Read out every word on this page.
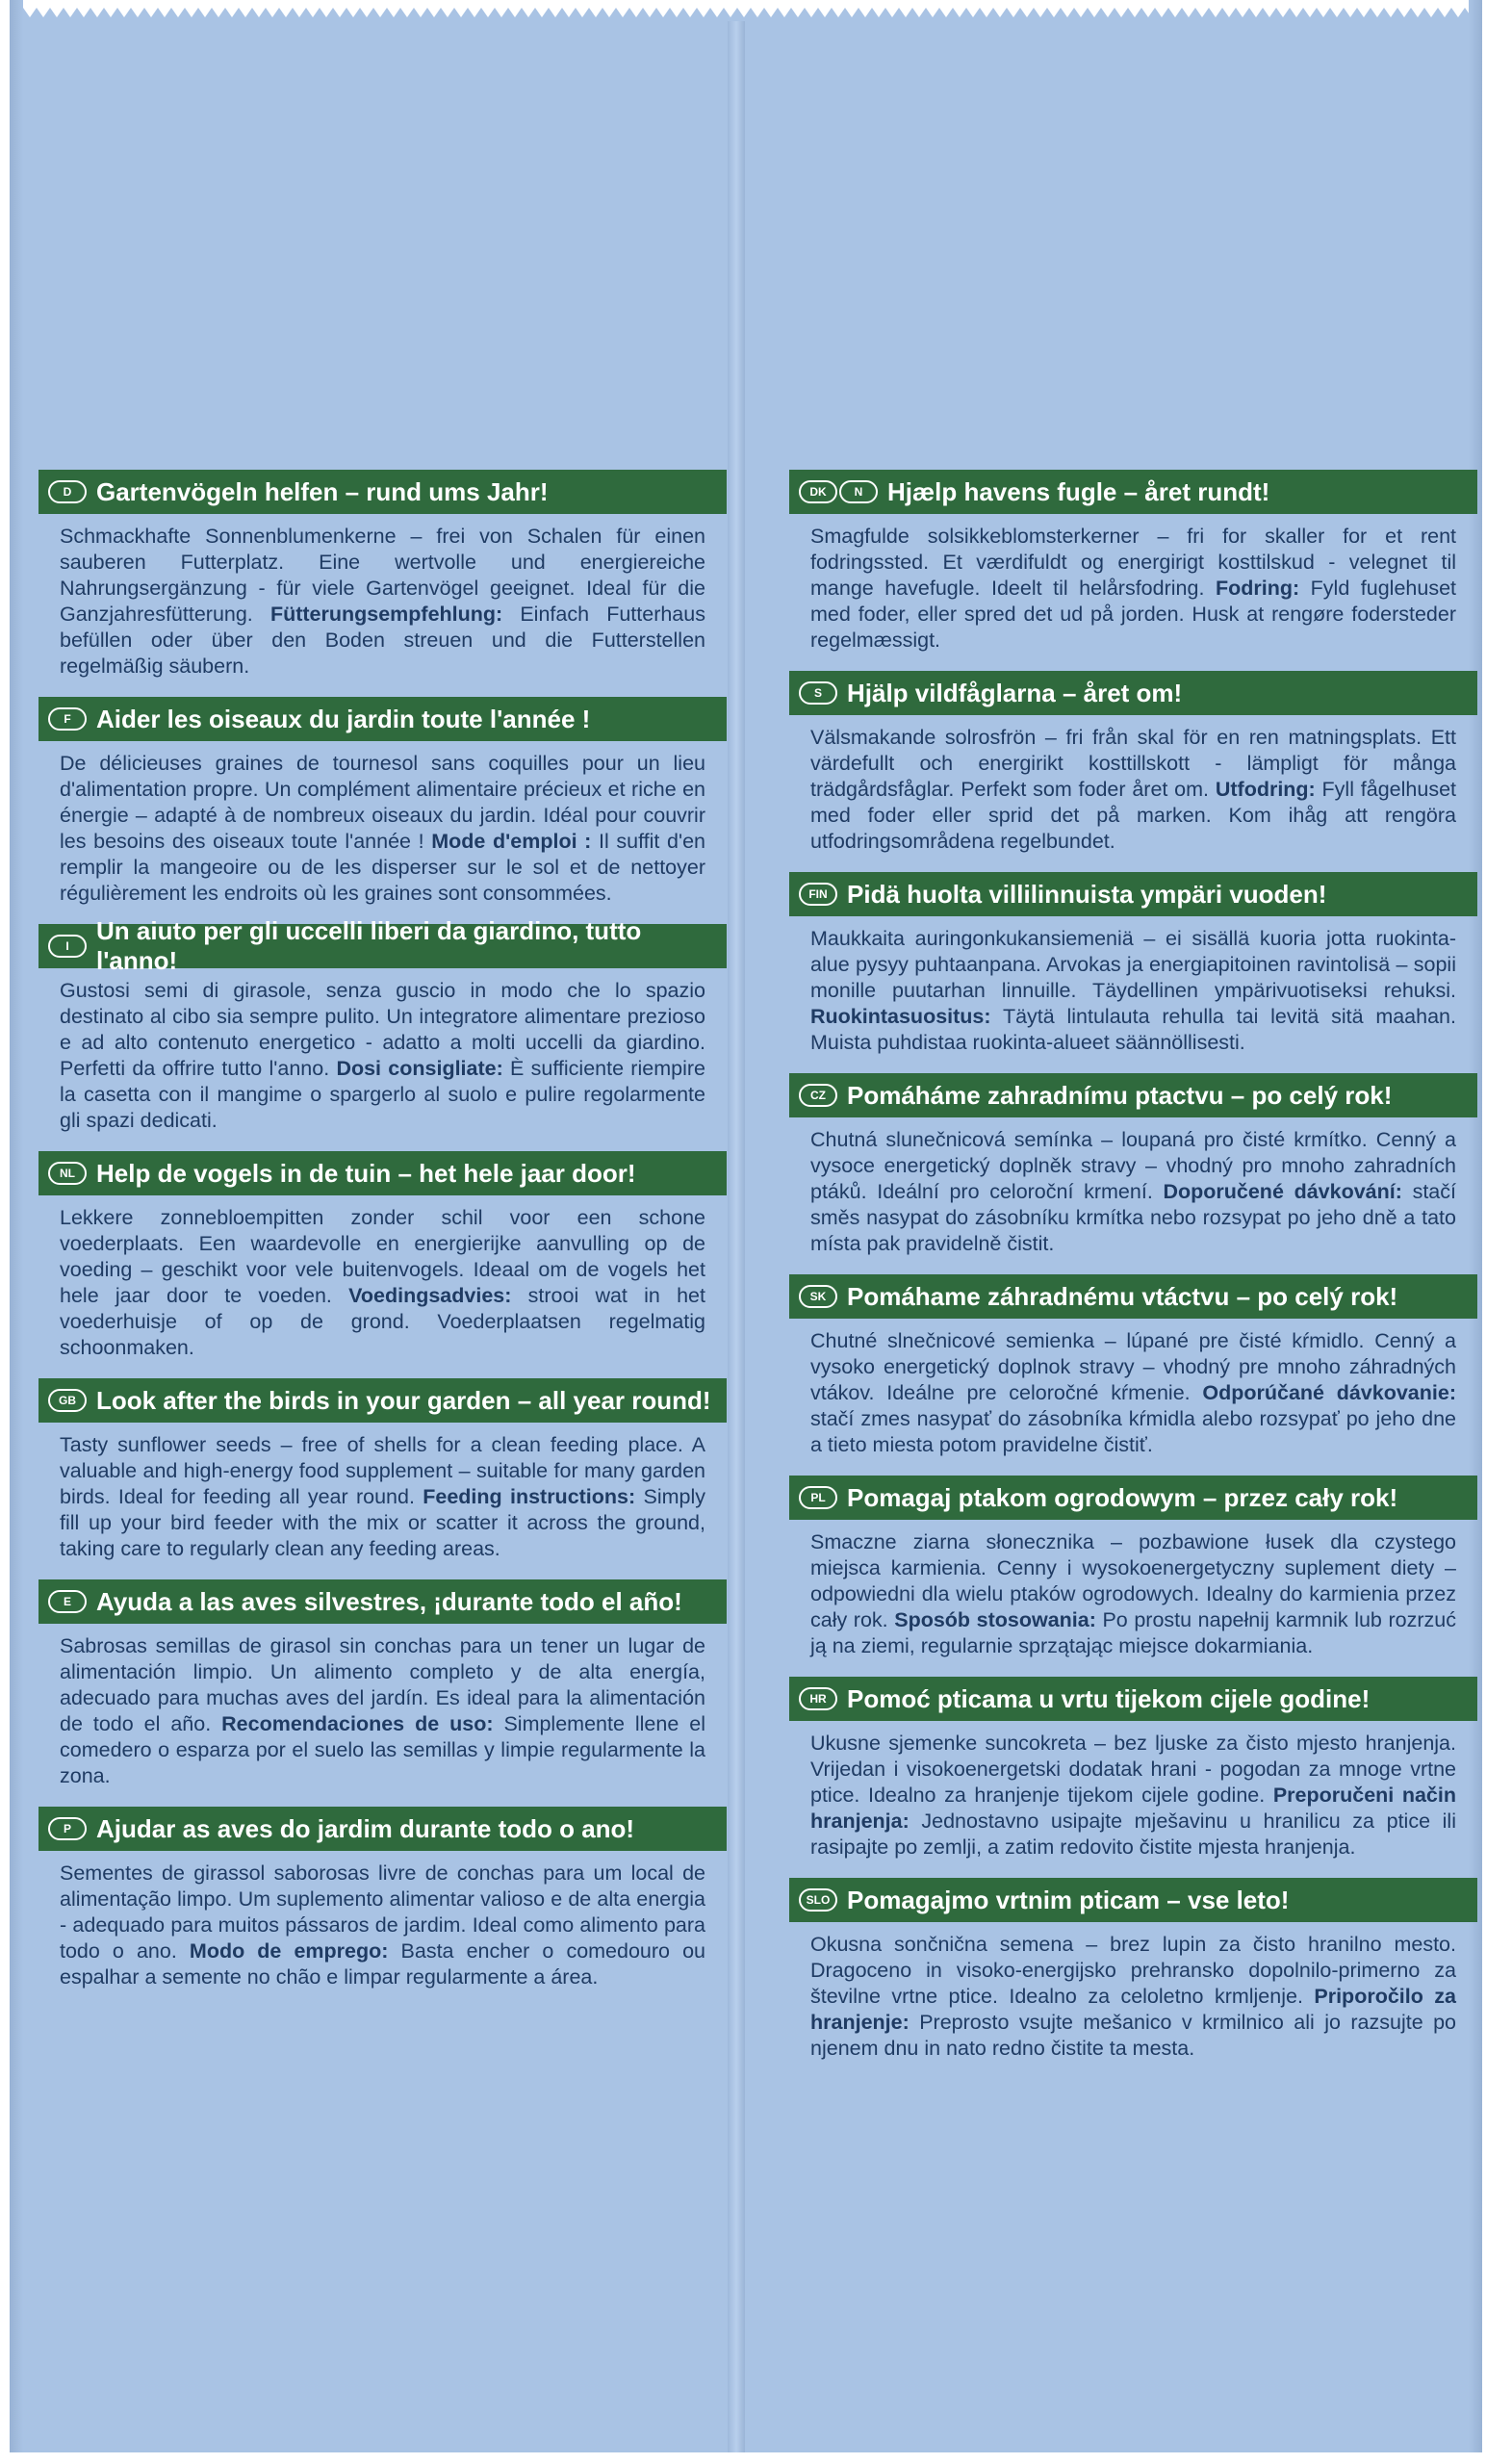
D Gartenvögeln helfen – rund ums Jahr!
Schmackhafte Sonnenblumenkerne – frei von Schalen für einen sauberen Futterplatz. Eine wertvolle und energiereiche Nahrungsergänzung - für viele Gartenvögel geeignet. Ideal für die Ganzjahresfütterung. Fütterungsempfehlung: Einfach Futterhaus befüllen oder über den Boden streuen und die Futterstellen regelmäßig säubern.
F	Aider les oiseaux du jardin toute l'année !
De délicieuses graines de tournesol sans coquilles pour un lieu d'alimentation propre. Un complément alimentaire précieux et riche en énergie – adapté à de nombreux oiseaux du jardin. Idéal pour couvrir les besoins des oiseaux toute l'année ! Mode d'emploi : Il suffit d'en remplir la mangeoire ou de les disperser sur le sol et de nettoyer régulièrement les endroits où les graines sont consommées.
I
Un aiuto per gli uccelli liberi da giardino, tutto l'anno!
Gustosi semi di girasole, senza guscio in modo che lo spazio destinato al cibo sia sempre pulito. Un integratore alimentare prezioso e ad alto contenuto energetico - adatto a molti uccelli da giardino. Perfetti da offrire tutto l'anno. Dosi consigliate: È sufficiente riempire la casetta con il mangime o spargerlo al suolo e pulire regolarmente gli spazi dedicati.
NL Help de vogels in de tuin – het hele jaar door!
Lekkere zonnebloempitten zonder schil voor een schone voederplaats. Een waardevolle en energierijke aanvulling op de voeding – geschikt voor vele buitenvogels. Ideaal om de vogels het hele jaar door te voeden. Voedingsadvies: strooi wat in het voederhuisje of op de grond. Voederplaatsen regelmatig schoonmaken.
GB Look after the birds in your garden – all year round!
Tasty sunflower seeds – free of shells for a clean feeding place. A valuable and high-energy food supplement – suitable for many garden birds. Ideal for feeding all year round. Feeding instructions: Simply fill up your bird feeder with the mix or scatter it across the ground, taking care to regularly clean any feeding areas.
E	Ayuda a las aves silvestres, ¡durante todo el año!
Sabrosas semillas de girasol sin conchas para un tener un lugar de alimentación limpio. Un alimento completo y de alta energía, adecuado para muchas aves del jardín. Es ideal para la alimentación de todo el año. Recomendaciones de uso: Simplemente llene el comedero o esparza por el suelo las semillas y limpie regularmente la zona.
P	Ajudar as aves do jardim durante todo o ano!
Sementes de girassol saborosas livre de conchas para um local de alimentação limpo. Um suplemento alimentar valioso e de alta energia - adequado para muitos pássaros de jardim. Ideal como alimento para todo o ano. Modo de emprego: Basta encher o comedouro ou espalhar a semente no chão e limpar regularmente a área.
DK	N Hjælp havens fugle – året rundt!
Smagfulde solsikkeblomsterkerner – fri for skaller for et rent fodringssted. Et værdifuldt og energirigt kosttilskud - velegnet til mange havefugle. Ideelt til helårsfodring. Fodring: Fyld fuglehuset med foder, eller spred det ud på jorden. Husk at rengøre fodersteder regelmæssigt.
S	Hjälp vildfåglarna – året om!
Välsmakande solrosfrön – fri från skal för en ren matningsplats. Ett värdefullt och energirikt kosttillskott - lämpligt för många trädgårdsfåglar. Perfekt som foder året om. Utfodring: Fyll fågelhuset med foder eller sprid det på marken. Kom ihåg att rengöra utfodringsområdena regelbundet.
FIN Pidä huolta villilinnuista ympäri vuoden!
Maukkaita auringonkukansiemeniä – ei sisällä kuoria jotta ruokinta-alue pysyy puhtaanpana. Arvokas ja energiapitoinen ravintolisä – sopii monille puutarhan linnuille. Täydellinen ympärivuotiseksi rehuksi. Ruokintasuositus: Täytä lintulauta rehulla tai levitä sitä maahan. Muista puhdistaa ruokinta-alueet säännöllisesti.
CZ Pomáháme zahradnímu ptactvu – po celý rok!
Chutná slunečnicová semínka – loupaná pro čisté krmítko. Cenný a vysoce energetický doplněk stravy – vhodný pro mnoho zahradních ptáků. Ideální pro celoroční krmení. Doporučené dávkování: stačí směs nasypat do zásobníku krmítka nebo rozsypat po jeho dně a tato místa pak pravidelně čistit.
SK Pomáhame záhradnému vtáctvu – po celý rok!
Chutné slnečnicové semienka – lúpané pre čisté kŕmidlo. Cenný a vysoko energetický doplnok stravy – vhodný pre mnoho záhradných vtákov. Ideálne pre celoročné kŕmenie. Odporúčané dávkovanie: stačí zmes nasypať do zásobníka kŕmidla alebo rozsypať po jeho dne a tieto miesta potom pravidelne čistiť.
PL Pomagaj ptakom ogrodowym – przez cały rok!
Smaczne ziarna słonecznika – pozbawione łusek dla czystego miejsca karmienia. Cenny i wysokoenergetyczny suplement diety – odpowiedni dla wielu ptaków ogrodowych. Idealny do karmienia przez cały rok. Sposób stosowania: Po prostu napełnij karmnik lub rozrzuć ją na ziemi, regularnie sprzątając miejsce dokarmiania.
HR Pomoć pticama u vrtu tijekom cijele godine!
Ukusne sjemenke suncokreta – bez ljuske za čisto mjesto hranjenja. Vrijedan i visokoenergetski dodatak hrani - pogodan za mnoge vrtne ptice. Idealno za hranjenje tijekom cijele godine. Preporučeni način hranjenja: Jednostavno usipajte mješavinu u hranilicu za ptice ili rasipajte po zemlji, a zatim redovito čistite mjesta hranjenja.
SLO Pomagajmo vrtnim pticam – vse leto!
Okusna sončnična semena – brez lupin za čisto hranilno mesto. Dragoceno in visoko-energijsko prehransko dopolnilo-primerno za številne vrtne ptice. Idealno za celoletno krmljenje. Priporočilo za hranjenje: Preprosto vsujte mešanico v krmilnico ali jo razsujte po njenem dnu in nato redno čistite ta mesta.
